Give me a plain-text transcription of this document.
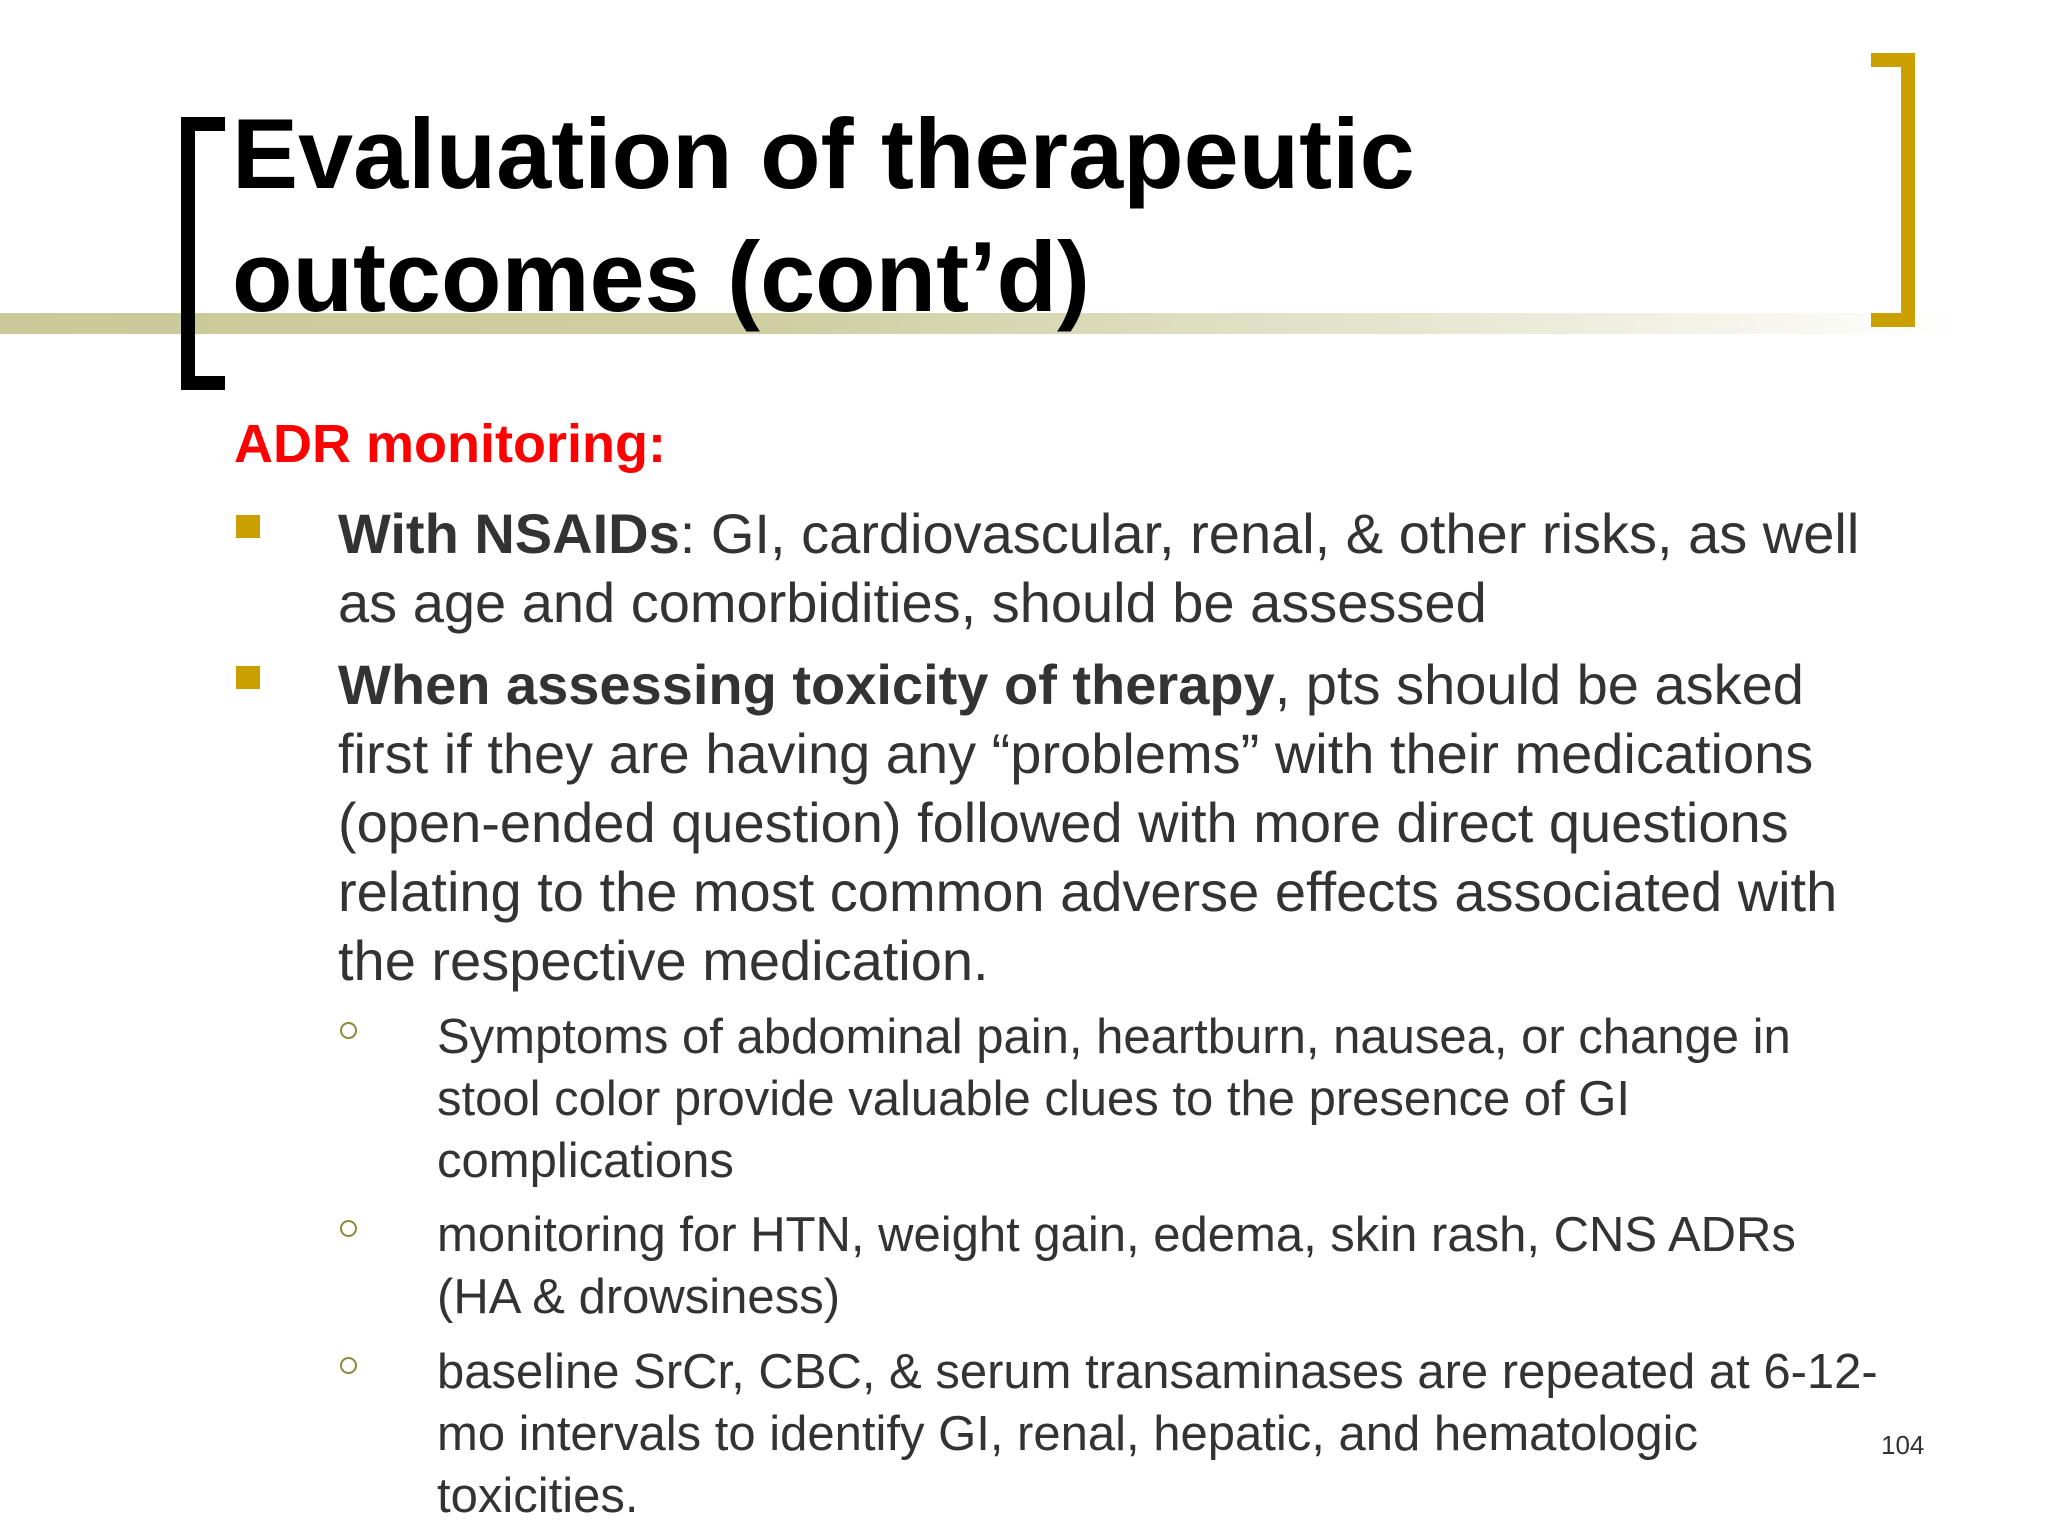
Evaluation of therapeutic
outcomes (cont’d)
ADR monitoring:
With NSAIDs: GI, cardiovascular, renal, & other risks, as well as age and comorbidities, should be assessed
When assessing toxicity of therapy, pts should be asked first if they are having any “problems” with their medications (open-ended question) followed with more direct questions relating to the most common adverse effects associated with the respective medication.
Symptoms of abdominal pain, heartburn, nausea, or change in stool color provide valuable clues to the presence of GI complications
monitoring for HTN, weight gain, edema, skin rash, CNS ADRs (HA & drowsiness)
baseline SrCr, CBC, & serum transaminases are repeated at 6-12-mo intervals to identify GI, renal, hepatic, and hematologic toxicities.
104
